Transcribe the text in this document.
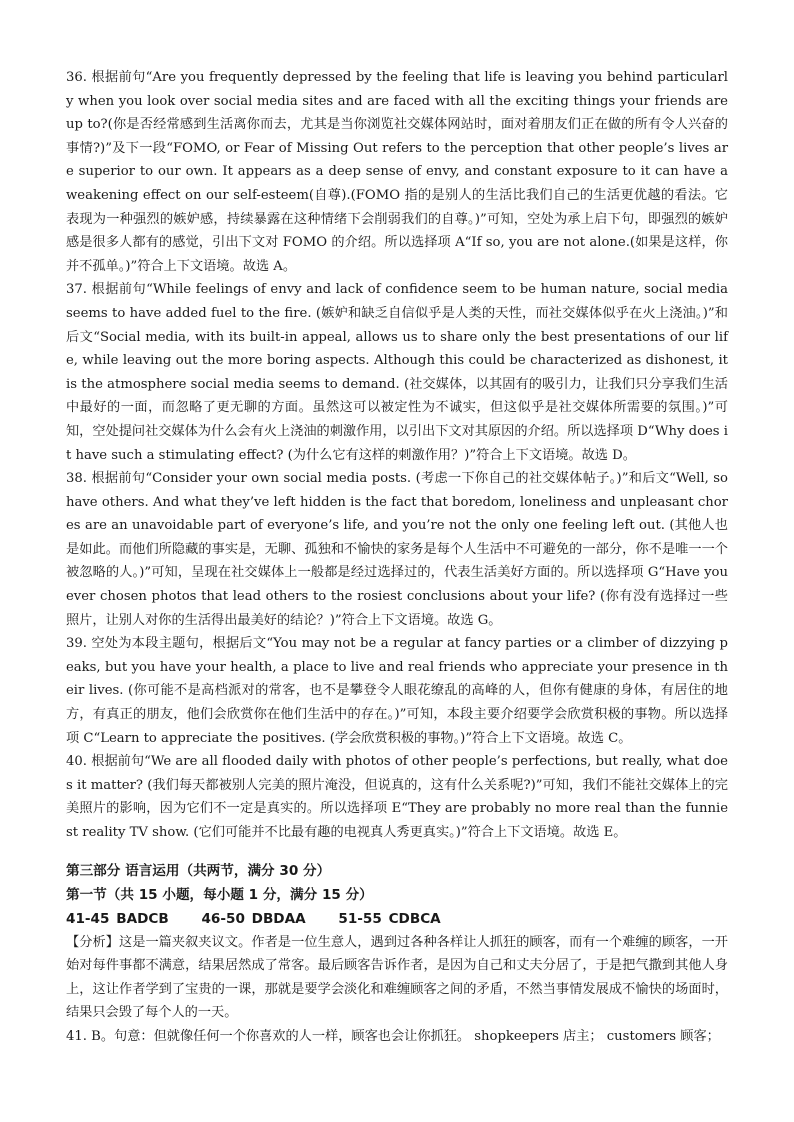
36. 根据前句“Are you frequently depressed by the feeling that life is leaving you behind particularly when you look over social media sites and are faced with all the exciting things your friends are up to?(你是否经常感到生活离你而去，尤其是当你浏览社交媒体网站时，面对着朋友们正在做的所有令人兴奋的事情?)”及下一段“FOMO, or Fear of Missing Out refers to the perception that other people’s lives are superior to our own. It appears as a deep sense of envy, and constant exposure to it can have a weakening effect on our self-esteem(自尊).(FOMO 指的是别人的生活比我们自己的生活更优越的看法。它表现为一种强烈的嫉妒感，持续暴露在这种情绪下会削弱我们的自尊。)”可知，空处为承上启下句，即强烈的嫉妒感是很多人都有的感觉，引出下文对 FOMO 的介绍。所以选择项 A“If so, you are not alone.(如果是这样，你并不孤单。)”符合上下文语境。故选 A。

37. 根据前句“While feelings of envy and lack of confidence seem to be human nature, social media seems to have added fuel to the fire. (嫉妒和缺乏自信似乎是人类的天性，而社交媒体似乎在火上浇油。)”和后文“Social media, with its built-in appeal, allows us to share only the best presentations of our life, while leaving out the more boring aspects. Although this could be characterized as dishonest, it is the atmosphere social media seems to demand. (社交媒体，以其固有的吸引力，让我们只分享我们生活中最好的一面，而忽略了更无聊的方面。虽然这可以被定性为不诚实，但这似乎是社交媒体所需要的氛围。)”可知，空处提问社交媒体为什么会有火上浇油的刺激作用，以引出下文对其原因的介绍。所以选择项 D“Why does it have such a stimulating effect? (为什么它有这样的刺激作用？)”符合上下文语境。故选 D。

38. 根据前句“Consider your own social media posts. (考虑一下你自己的社交媒体帖子。)”和后文“Well, so have others. And what they’ve left hidden is the fact that boredom, loneliness and unpleasant chores are an unavoidable part of everyone’s life, and you’re not the only one feeling left out. (其他人也是如此。而他们所隐藏的事实是，无聊、孤独和不愉快的家务是每个人生活中不可避免的一部分，你不是唯一一个被忽略的人。)”可知，呈现在社交媒体上一般都是经过选择过的，代表生活美好方面的。所以选择项 G“Have you ever chosen photos that lead others to the rosiest conclusions about your life? (你有没有选择过一些照片，让别人对你的生活得出最美好的结论？)”符合上下文语境。故选 G。

39. 空处为本段主题句，根据后文“You may not be a regular at fancy parties or a climber of dizzying peaks, but you have your health, a place to live and real friends who appreciate your presence in their lives. (你可能不是高档派对的常客，也不是攀登令人眼花缭乱的高峰的人，但你有健康的身体，有居住的地方，有真正的朋友，他们会欣赏你在他们生活中的存在。)”可知，本段主要介绍要学会欣赏积极的事物。所以选择项 C“Learn to appreciate the positives. (学会欣赏积极的事物。)”符合上下文语境。故选 C。

40. 根据前句“We are all flooded daily with photos of other people’s perfections, but really, what does it matter? (我们每天都被别人完美的照片淹没，但说真的，这有什么关系呢?)”可知，我们不能社交媒体上的完美照片的影响，因为它们不一定是真实的。所以选择项 E“They are probably no more real than the funniest reality TV show. (它们可能并不比最有趣的电视真人秀更真实。)”符合上下文语境。故选 E。

第三部分 语言运用（共两节，满分 30 分）

第一节（共 15 小题，每小题 1 分，满分 15 分）

41-45 BADCB 46-50 DBDAA 51-55 CDBCA

【分析】这是一篇夹叙夹议文。作者是一位生意人，遇到过各种各样让人抓狂的顾客，而有一个难缠的顾客，一开始对每件事都不满意，结果居然成了常客。最后顾客告诉作者，是因为自己和丈夫分居了，于是把气撒到其他人身上，这让作者学到了宝贵的一课，那就是要学会淡化和难缠顾客之间的矛盾，不然当事情发展成不愉快的场面时，结果只会毁了每个人的一天。

41. B。句意：但就像任何一个你喜欢的人一样，顾客也会让你抓狂。 shopkeepers 店主； customers 顾客；
